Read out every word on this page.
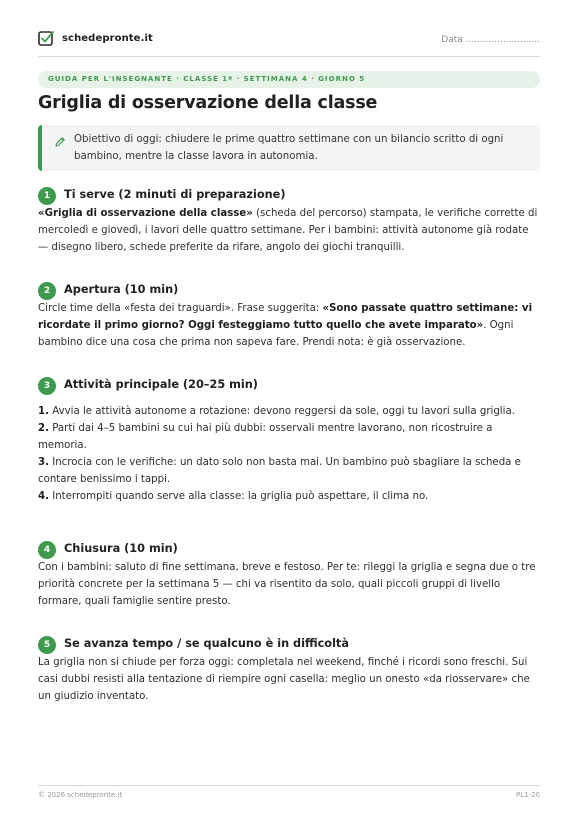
schedepronte.it	Data ..........................
GUIDA PER L'INSEGNANTE · CLASSE 1ª · SETTIMANA 4 · GIORNO 5
Griglia di osservazione della classe
Obiettivo di oggi: chiudere le prime quattro settimane con un bilancio scritto di ogni bambino, mentre la classe lavora in autonomia.
1	Ti serve (2 minuti di preparazione)

«Griglia di osservazione della classe» (scheda del percorso) stampata, le verifiche corrette di mercoledì e giovedì, i lavori delle quattro settimane. Per i bambini: attività autonome già rodate — disegno libero, schede preferite da rifare, angolo dei giochi tranquilli.

2	Apertura (10 min)

Circle time della «festa dei traguardi». Frase suggerita: «Sono passate quattro settimane: vi ricordate il primo giorno? Oggi festeggiamo tutto quello che avete imparato». Ogni bambino dice una cosa che prima non sapeva fare. Prendi nota: è già osservazione.

3	Attività principale (20–25 min)

1. Avvia le attività autonome a rotazione: devono reggersi da sole, oggi tu lavori sulla griglia.

2. Parti dai 4–5 bambini su cui hai più dubbi: osservali mentre lavorano, non ricostruire a memoria.

3. Incrocia con le verifiche: un dato solo non basta mai. Un bambino può sbagliare la scheda e contare benissimo i tappi.

4. Interrompiti quando serve alla classe: la griglia può aspettare, il clima no.

4	Chiusura (10 min)

Con i bambini: saluto di fine settimana, breve e festoso. Per te: rileggi la griglia e segna due o tre priorità concrete per la settimana 5 — chi va risentito da solo, quali piccoli gruppi di livello formare, quali famiglie sentire presto.

5	Se avanza tempo / se qualcuno è in difficoltà

La griglia non si chiude per forza oggi: completala nel weekend, finché i ricordi sono freschi. Sui casi dubbi resisti alla tentazione di riempire ogni casella: meglio un onesto «da riosservare» che un giudizio inventato.

© 2026 schedepronte.it	PL1-20
